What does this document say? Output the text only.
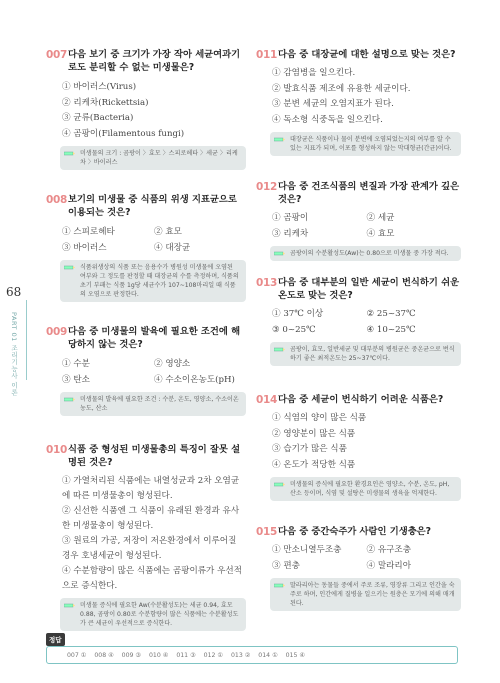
68
PART 01 조리기능사 이론
007 다음 보기 중 크기가 가장 작아 세균여과기로도 분리할 수 없는 미생물은?
① 바이러스(Virus)
② 리케차(Rickettsia)
③ 균류(Bacteria)
④ 곰팡이(Filamentous fungi)
미생물의 크기 : 곰팡이 〉효모 〉스피로헤타 〉세균 〉리케차 〉바이러스
008 보기의 미생물 중 식품의 위생 지표균으로 이용되는 것은?
① 스피로헤타	② 효모
③ 바이러스	④ 대장균
식품위생상의 식품 또는 음용수가 병원성 미생물에 오염된 여부와 그 정도를 판정할 때 대장균의 수를 측정하며, 식품의 초기 부패는 식품 1g당 세균수가 107~108마리일 때 식품의 오염으로 판정한다.
009 다음 중 미생물의 발육에 필요한 조건에 해당하지 않는 것은?
① 수분	② 영양소
③ 탄소	④ 수소이온농도(pH)
미생물의 발육에 필요한 조건 : 수분, 온도, 영양소, 수소이온농도, 산소
010 식품 중 형성된 미생물총의 특징이 잘못 설명된 것은?
① 가열처리된 식품에는 내열성균과 2차 오염균에 따른 미생물총이 형성된다.
② 신선한 식품엔 그 식품이 유래된 환경과 유사한 미생물총이 형성된다.
③ 원료의 가공, 저장이 저온환경에서 이루어질 경우 호냉세균이 형성된다.
④ 수분함량이 많은 식품에는 곰팡이류가 우선적으로 증식한다.
미생물 증식에 필요한 Aw(수분활성도)는 세균 0.94, 효모 0.88, 곰팡이 0.80로 수분함량이 많은 식품에는 수분활성도가 큰 세균이 우선적으로 증식한다.
011 다음 중 대장균에 대한 설명으로 맞는 것은?
① 감염병을 일으킨다.
② 발효식품 제조에 유용한 세균이다.
③ 분변 세균의 오염지표가 된다.
④ 독소형 식중독을 일으킨다.
대장균은 식품이나 물이 분변에 오염되었는지의 여부를 알 수 있는 지표가 되며, 이포를 형성하지 않는 막대형균(간균)이다.
012 다음 중 건조식품의 변질과 가장 관계가 깊은 것은?
① 곰팡이	② 세균
③ 리케차	④ 효모
곰팡이의 수분활성도(Aw)는 0.80으로 미생물 중 가장 적다.
013 다음 중 대부분의 일반 세균이 번식하기 쉬운 온도로 맞는 것은?
① 37℃ 이상	② 25~37℃
③ 0~25℃	④ 10~25℃
곰팡이, 효모, 일반세균 및 대부분의 병원균은 중온균으로 번식하기 좋은 최적온도는 25~37℃이다.
014 다음 중 세균이 번식하기 어려운 식품은?
① 식염의 양이 많은 식품
② 영양분이 많은 식품
③ 습기가 많은 식품
④ 온도가 적당한 식품
미생물의 증식에 필요한 환경요인은 영양소, 수분, 온도, pH, 산소 등이며, 식염 및 설탕은 미생물의 생육을 억제한다.
015 다음 중 중간숙주가 사람인 기생충은?
① 만소니열두조충	② 유구조충
③ 편충	④ 말라리아
말라리아는 동물들 중에서 주로 조류, 영장류 그리고 인간을 숙주로 하며, 인간에게 질병을 일으키는 원충은 모기에 의해 매개된다.
정답
007 ① 008 ④ 009 ③ 010 ④ 011 ③ 012 ① 013 ② 014 ① 015 ④
